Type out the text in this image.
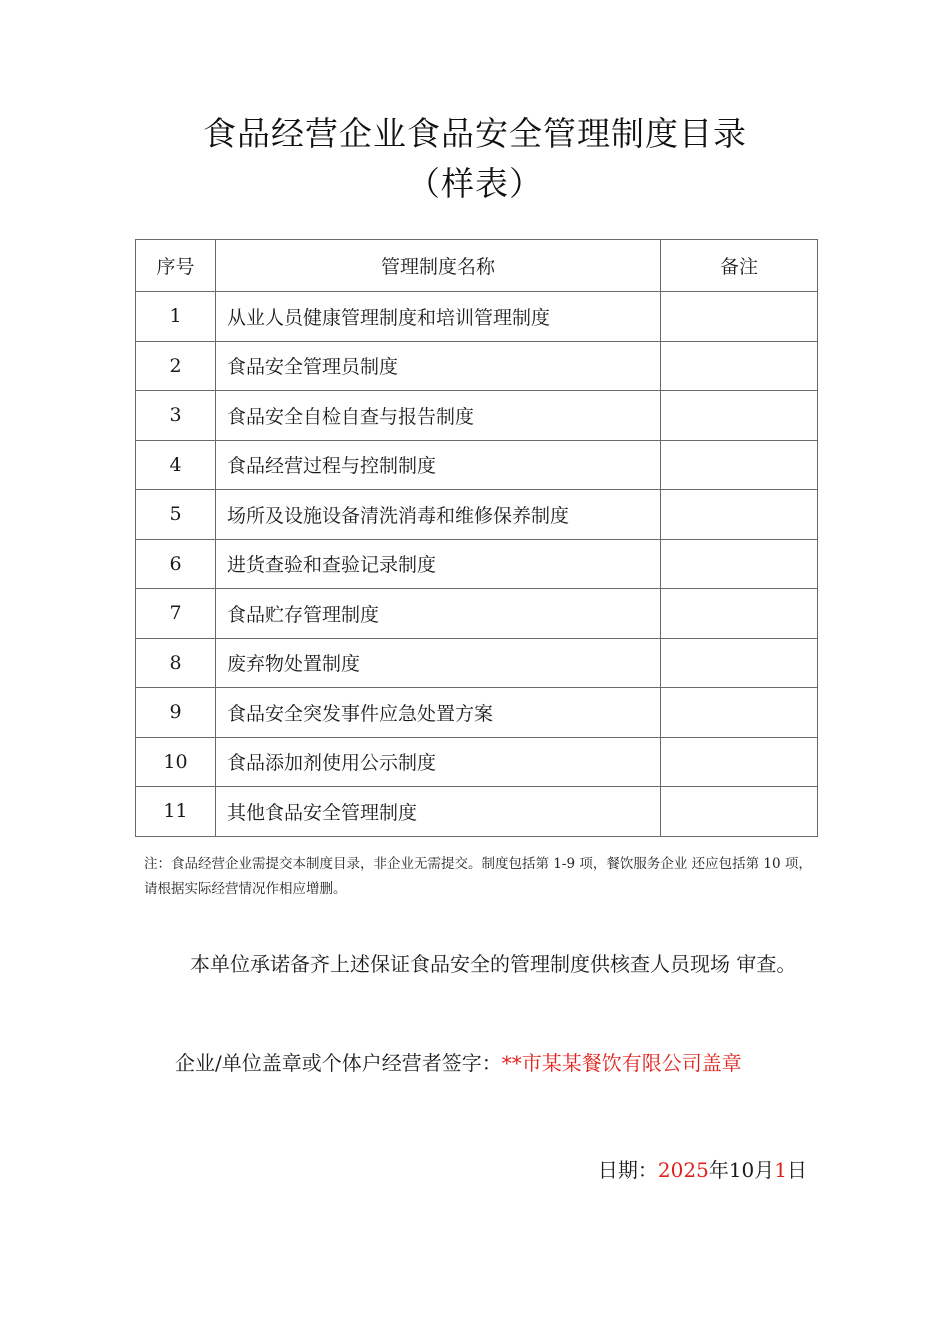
食品经营企业食品安全管理制度目录
（样表）
序号	管理制度名称	备注
1	从业人员健康管理制度和培训管理制度	
2	食品安全管理员制度	
3	食品安全自检自查与报告制度	
4	食品经营过程与控制制度	
5	场所及设施设备清洗消毒和维修保养制度	
6	进货查验和查验记录制度	
7	食品贮存管理制度	
8	废弃物处置制度	
9	食品安全突发事件应急处置方案	
10	食品添加剂使用公示制度	
11	其他食品安全管理制度	
注：食品经营企业需提交本制度目录，非企业无需提交。制度包括第 1-9 项，餐饮服务企业 还应包括第 10 项，请根据实际经营情况作相应增删。
本单位承诺备齐上述保证食品安全的管理制度供核查人员现场 审查。
企业/单位盖章或个体户经营者签字：**市某某餐饮有限公司盖章
日期：2025年10月1日
